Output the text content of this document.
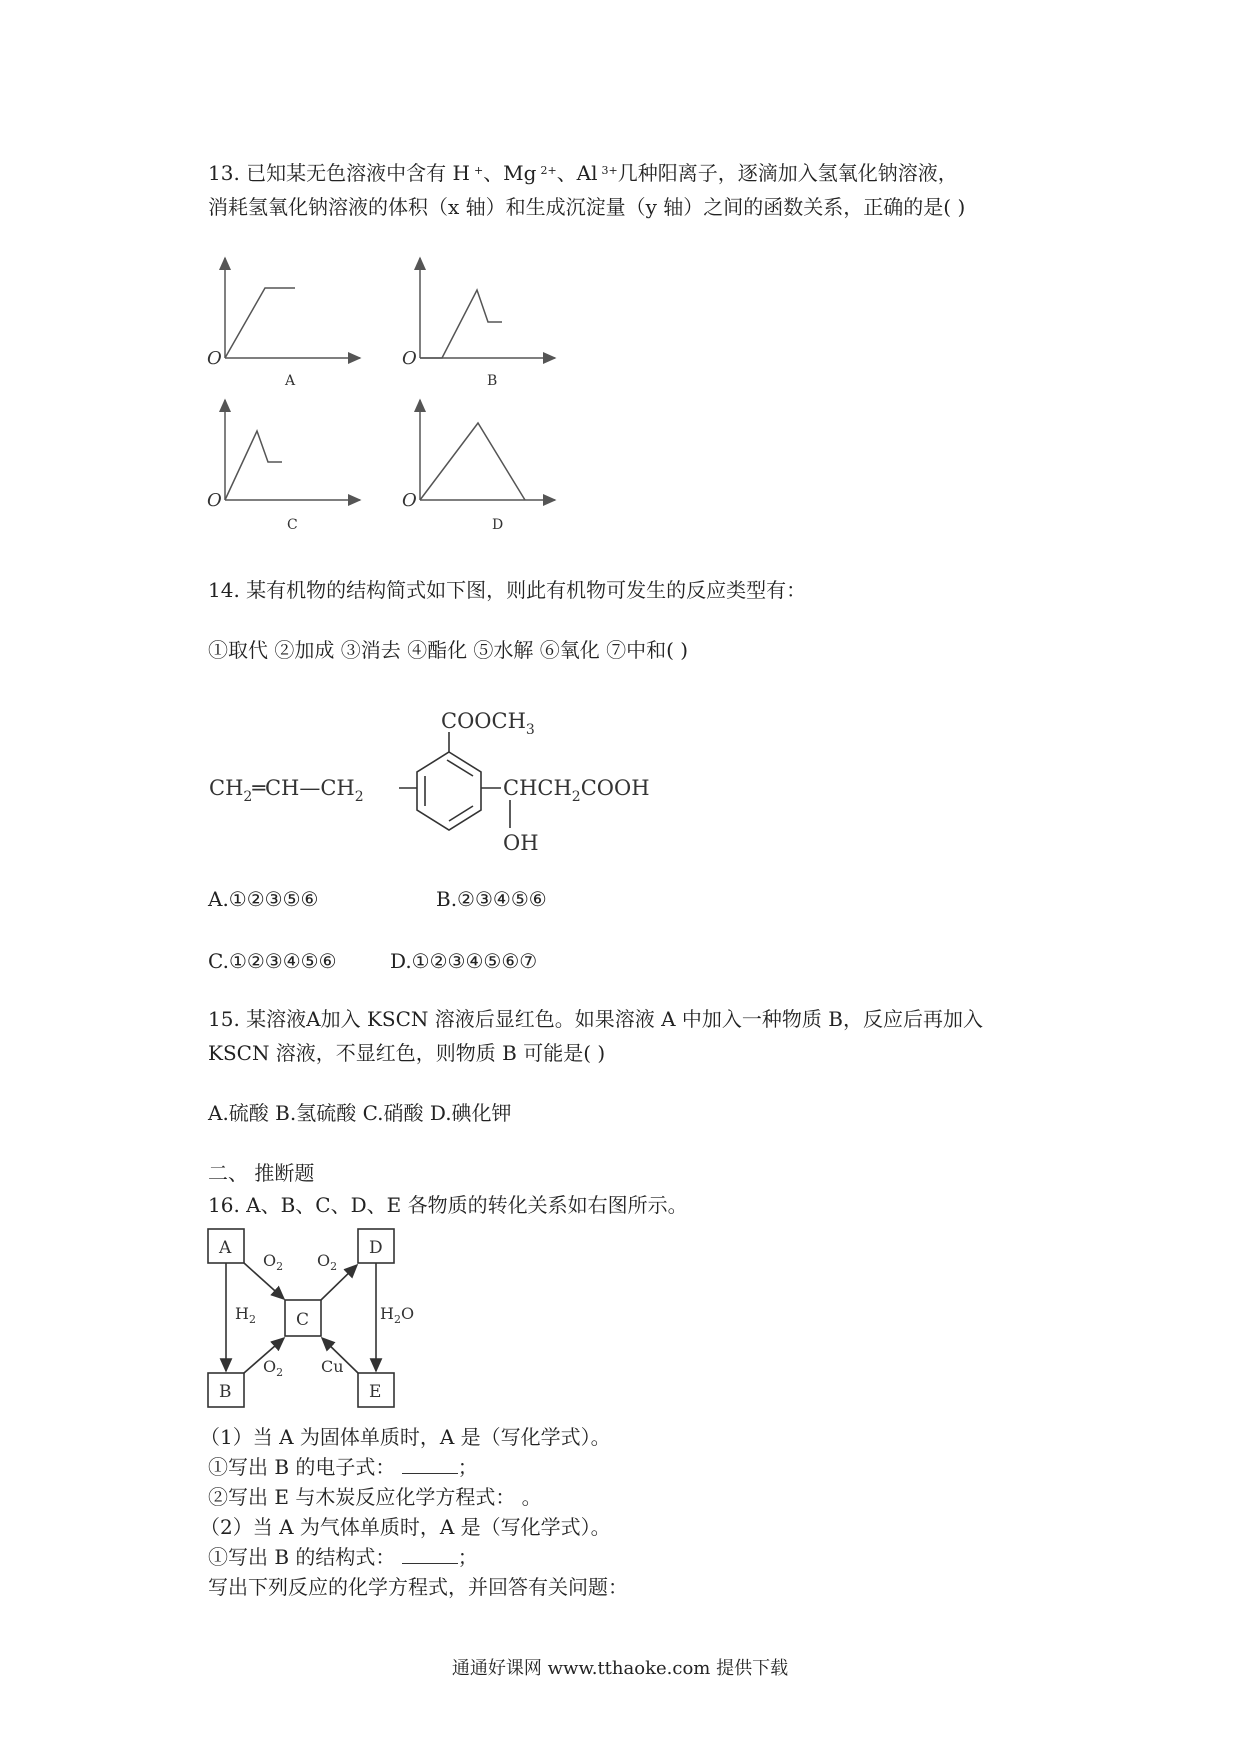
13. 已知某无色溶液中含有 H +、Mg $^{2+}$、Al $^{3+}$几种阳离子，逐滴加入氢氧化钠溶液，
消耗氢氧化钠溶液的体积（x 轴）和生成沉淀量（y 轴）之间的函数关系，正确的是( )
O
A
O
B
O
C
O
D
14. 某有机物的结构简式如下图，则此有机物可发生的反应类型有：
①取代 ②加成 ③消去 ④酯化 ⑤水解 ⑥氧化 ⑦中和( )
$COOCH_3$
$CH_2═CH—CH_2$	$CHCH_2COOH$
OH
A.①②③⑤⑥	B.②③④⑤⑥
C.①②③④⑤⑥	D.①②③④⑤⑥⑦
15. 某溶液A加入 KSCN 溶液后显红色。如果溶液 A 中加入一种物质 B，反应后再加入
KSCN 溶液，不显红色，则物质 B 可能是( )
A.硫酸 B.氢硫酸 C.硝酸 D.碘化钾
二、 推断题
16. A、B、C、D、E 各物质的转化关系如右图所示。
A	D
C
B	E
$O_2$ $O_2$
$O_2$
$H_2$	$H_2O$
Cu
（1）当 A 为固体单质时，A 是（写化学式）。
①写出 B 的电子式：	；
②写出 E 与木炭反应化学方程式： 。
（2）当 A 为气体单质时，A 是（写化学式）。
①写出 B 的结构式：	；
写出下列反应的化学方程式，并回答有关问题：
通通好课网 www.tthaoke.com 提供下载
